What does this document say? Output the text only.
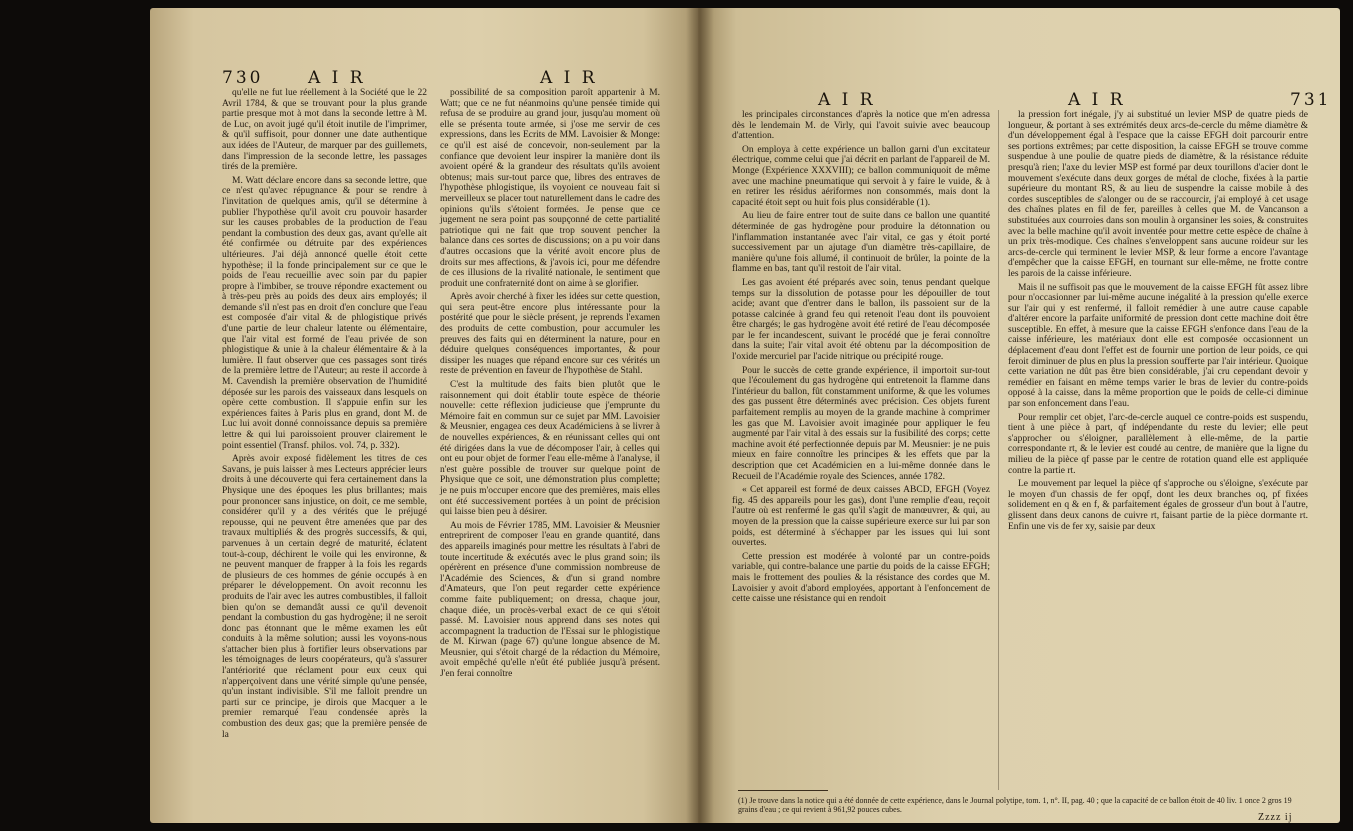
730	A I R	A I R

qu'elle ne fut lue réellement à la Société que le 22 Avril 1784, & que se trouvant pour la plus grande partie presque mot à mot dans la seconde lettre à M. de Luc, on avoit jugé qu'il étoit inutile de l'imprimer, & qu'il suffisoit, pour donner une date authentique aux idées de l'Auteur, de marquer par des guillemets, dans l'impression de la seconde lettre, les passages tirés de la première.

M. Watt déclare encore dans sa seconde lettre, que ce n'est qu'avec répugnance & pour se rendre à l'invitation de quelques amis, qu'il se détermine à publier l'hypothèse qu'il avoit cru pouvoir hasarder sur les causes probables de la production de l'eau pendant la combustion des deux gas, avant qu'elle ait été confirmée ou détruite par des expériences ultérieures. J'ai déjà annoncé quelle étoit cette hypothèse; il la fonde principalement sur ce que le poids de l'eau recueillie avec soin par du papier propre à l'imbiber, se trouve répondre exactement ou à très-peu près au poids des deux airs employés; il demande s'il n'est pas en droit d'en conclure que l'eau est composée d'air vital & de phlogistique privés d'une partie de leur chaleur latente ou élémentaire, que l'air vital est formé de l'eau privée de son phlogistique & unie à la chaleur élémentaire & à la lumière. Il faut observer que ces passages sont tirés de la première lettre de l'Auteur; au reste il accorde à M. Cavendish la première observation de l'humidité déposée sur les parois des vaisseaux dans lesquels on opère cette combustion. Il s'appuie enfin sur les expériences faites à Paris plus en grand, dont M. de Luc lui avoit donné connoissance depuis sa première lettre & qui lui paroissoient prouver clairement le point essentiel (Transf. philos. vol. 74, p. 332).

Après avoir exposé fidèlement les titres de ces Savans, je puis laisser à mes Lecteurs apprécier leurs droits à une découverte qui fera certainement dans la Physique une des époques les plus brillantes; mais pour prononcer sans injustice, on doit, ce me semble, considérer qu'il y a des vérités que le préjugé repousse, qui ne peuvent être amenées que par des travaux multipliés & des progrès successifs, & qui, parvenues à un certain degré de maturité, éclatent tout-à-coup, déchirent le voile qui les environne, & ne peuvent manquer de frapper à la fois les regards de plusieurs de ces hommes de génie occupés à en préparer le développement. On avoit reconnu les produits de l'air avec les autres combustibles, il falloit bien qu'on se demandât aussi ce qu'il devenoit pendant la combustion du gas hydrogène; il ne seroit donc pas étonnant que le même examen les eût conduits à la même solution; aussi les voyons-nous s'attacher bien plus à fortifier leurs observations par les témoignages de leurs coopérateurs, qu'à s'assurer l'antériorité que réclament pour eux ceux qui n'apperçoivent dans une vérité simple qu'une pensée, qu'un instant indivisible. S'il me falloit prendre un parti sur ce principe, je dirois que Macquer a le premier remarqué l'eau condensée après la combustion des deux gas; que la première pensée de la

possibilité de sa composition paroît appartenir à M. Watt; que ce ne fut néanmoins qu'une pensée timide qui refusa de se produire au grand jour, jusqu'au moment où elle se présenta toute armée, si j'ose me servir de ces expressions, dans les Ecrits de MM. Lavoisier & Monge: ce qu'il est aisé de concevoir, non-seulement par la confiance que devoient leur inspirer la manière dont ils avoient opéré & la grandeur des résultats qu'ils avoient obtenus; mais sur-tout parce que, libres des entraves de l'hypothèse phlogistique, ils voyoient ce nouveau fait si merveilleux se placer tout naturellement dans le cadre des opinions qu'ils s'étoient formées. Je pense que ce jugement ne sera point pas soupçonné de cette partialité patriotique qui ne fait que trop souvent pencher la balance dans ces sortes de discussions; on a pu voir dans d'autres occasions que la vérité avoit encore plus de droits sur mes affections, & j'avois ici, pour me défendre de ces illusions de la rivalité nationale, le sentiment que produit une confraternité dont on aime à se glorifier.

Après avoir cherché à fixer les idées sur cette question, qui sera peut-être encore plus intéressante pour la postérité que pour le siècle présent, je reprends l'examen des produits de cette combustion, pour accumuler les preuves des faits qui en déterminent la nature, pour en déduire quelques conséquences importantes, & pour dissiper les nuages que répand encore sur ces vérités un reste de prévention en faveur de l'hypothèse de Stahl.

C'est la multitude des faits bien plutôt que le raisonnement qui doit établir toute espèce de théorie nouvelle: cette réflexion judicieuse que j'emprunte du Mémoire fait en commun sur ce sujet par MM. Lavoisier & Meusnier, engagea ces deux Académiciens à se livrer à de nouvelles expériences, & en réunissant celles qui ont été dirigées dans la vue de décomposer l'air, à celles qui ont eu pour objet de former l'eau elle-même à l'analyse, il n'est guère possible de trouver sur quelque point de Physique que ce soit, une démonstration plus complette; je ne puis m'occuper encore que des premières, mais elles ont été successivement portées à un point de précision qui laisse bien peu à désirer.

Au mois de Février 1785, MM. Lavoisier & Meusnier entreprirent de composer l'eau en grande quantité, dans des appareils imaginés pour mettre les résultats à l'abri de toute incertitude & exécutés avec le plus grand soin; ils opérèrent en présence d'une commission nombreuse de l'Académie des Sciences, & d'un si grand nombre d'Amateurs, que l'on peut regarder cette expérience comme faite publiquement; on dressa, chaque jour, chaque diée, un procès-verbal exact de ce qui s'étoit passé. M. Lavoisier nous apprend dans ses notes qui accompagnent la traduction de l'Essai sur le phlogistique de M. Kirwan (page 67) qu'une longue absence de M. Meusnier, qui s'étoit chargé de la rédaction du Mémoire, avoit empêché qu'elle n'eût été publiée jusqu'à présent. J'en ferai connoître

A I R	A I R	731

les principales circonstances d'après la notice que m'en adressa dès le lendemain M. de Virly, qui l'avoit suivie avec beaucoup d'attention.

On employa à cette expérience un ballon garni d'un excitateur électrique, comme celui que j'ai décrit en parlant de l'appareil de M. Monge (Expérience XXXVIII); ce ballon communiquoit de même avec une machine pneumatique qui servoit à y faire le vuide, & à en retirer les résidus aériformes non consommés, mais dont la capacité étoit sept ou huit fois plus considérable (1).

Au lieu de faire entrer tout de suite dans ce ballon une quantité déterminée de gas hydrogène pour produire la détonnation ou l'inflammation instantanée avec l'air vital, ce gas y étoit porté successivement par un ajutage d'un diamètre très-capillaire, de manière qu'une fois allumé, il continuoit de brûler, la pointe de la flamme en bas, tant qu'il restoit de l'air vital.

Les gas avoient été préparés avec soin, tenus pendant quelque temps sur la dissolution de potasse pour les dépouiller de tout acide; avant que d'entrer dans le ballon, ils passoient sur de la potasse calcinée à grand feu qui retenoit l'eau dont ils pouvoient être chargés; le gas hydrogène avoit été retiré de l'eau décomposée par le fer incandescent, suivant le procédé que je ferai connoître dans la suite; l'air vital avoit été obtenu par la décomposition de l'oxide mercuriel par l'acide nitrique ou précipité rouge.

Pour le succès de cette grande expérience, il importoit sur-tout que l'écoulement du gas hydrogène qui entretenoit la flamme dans l'intérieur du ballon, fût constamment uniforme, & que les volumes des gas pussent être déterminés avec précision. Ces objets furent parfaitement remplis au moyen de la grande machine à comprimer les gas que M. Lavoisier avoit imaginée pour appliquer le feu augmenté par l'air vital à des essais sur la fusibilité des corps; cette machine avoit été perfectionnée depuis par M. Meusnier: je ne puis mieux en faire connoître les principes & les effets que par la description que cet Académicien en a lui-même donnée dans le Recueil de l'Académie royale des Sciences, année 1782.

« Cet appareil est formé de deux caisses ABCD, EFGH (Voyez fig. 45 des appareils pour les gas), dont l'une remplie d'eau, reçoit l'autre où est renfermé le gas qu'il s'agit de manœuvrer, & qui, au moyen de la pression que la caisse supérieure exerce sur lui par son poids, est déterminé à s'échapper par les issues qui lui sont ouvertes.

Cette pression est modérée à volonté par un contre-poids variable, qui contre-balance une partie du poids de la caisse EFGH; mais le frottement des poulies & la résistance des cordes que M. Lavoisier y avoit d'abord employées, apportant à l'enfoncement de cette caisse une résistance qui en rendoit

la pression fort inégale, j'y ai substitué un levier MSP de quatre pieds de longueur, & portant à ses extrémités deux arcs-de-cercle du même diamètre & d'un développement égal à l'espace que la caisse EFGH doit parcourir entre ses portions extrêmes; par cette disposition, la caisse EFGH se trouve comme suspendue à une poulie de quatre pieds de diamètre, & la résistance réduite presqu'à rien; l'axe du levier MSP est formé par deux tourillons d'acier dont le mouvement s'exécute dans deux gorges de métal de cloche, fixées à la partie supérieure du montant RS, & au lieu de suspendre la caisse mobile à des cordes susceptibles de s'alonger ou de se raccourcir, j'ai employé à cet usage des chaînes plates en fil de fer, pareilles à celles que M. de Vancanson a substituées aux courroies dans son moulin à organsiner les soies, & construites avec la belle machine qu'il avoit inventée pour mettre cette espèce de chaîne à un prix très-modique. Ces chaînes s'enveloppent sans aucune roideur sur les arcs-de-cercle qui terminent le levier MSP, & leur forme a encore l'avantage d'empêcher que la caisse EFGH, en tournant sur elle-même, ne frotte contre les parois de la caisse inférieure.

Mais il ne suffisoit pas que le mouvement de la caisse EFGH fût assez libre pour n'occasionner par lui-même aucune inégalité à la pression qu'elle exerce sur l'air qui y est renfermé, il falloit remédier à une autre cause capable d'altérer encore la parfaite uniformité de pression dont cette machine doit être susceptible. En effet, à mesure que la caisse EFGH s'enfonce dans l'eau de la caisse inférieure, les matériaux dont elle est composée occasionnent un déplacement d'eau dont l'effet est de fournir une portion de leur poids, ce qui feroit diminuer de plus en plus la pression soufferte par l'air intérieur. Quoique cette variation ne dût pas être bien considérable, j'ai cru cependant devoir y remédier en faisant en même temps varier le bras de levier du contre-poids opposé à la caisse, dans la même proportion que le poids de celle-ci diminue par son enfoncement dans l'eau.

Pour remplir cet objet, l'arc-de-cercle auquel ce contre-poids est suspendu, tient à une pièce à part, qf indépendante du reste du levier; elle peut s'approcher ou s'éloigner, parallèlement à elle-même, de la partie correspondante rt, & le levier est coudé au centre, de manière que la ligne du milieu de la pièce qf passe par le centre de rotation quand elle est appliquée contre la partie rt.

Le mouvement par lequel la pièce qf s'approche ou s'éloigne, s'exécute par le moyen d'un chassis de fer opqf, dont les deux branches oq, pf fixées solidement en q & en f, & parfaitement égales de grosseur d'un bout à l'autre, glissent dans deux canons de cuivre rt, faisant partie de la pièce dormante rt. Enfin une vis de fer xy, saisie par deux

(1) Je trouve dans la notice qui a été donnée de cette expérience, dans le Journal polytipe, tom. 1, n°. II, pag. 40 ; que la capacité de ce ballon étoit de 40 liv. 1 once 2 gros 19 grains d'eau ; ce qui revient à 961,92 pouces cubes.
Zzzz ij
